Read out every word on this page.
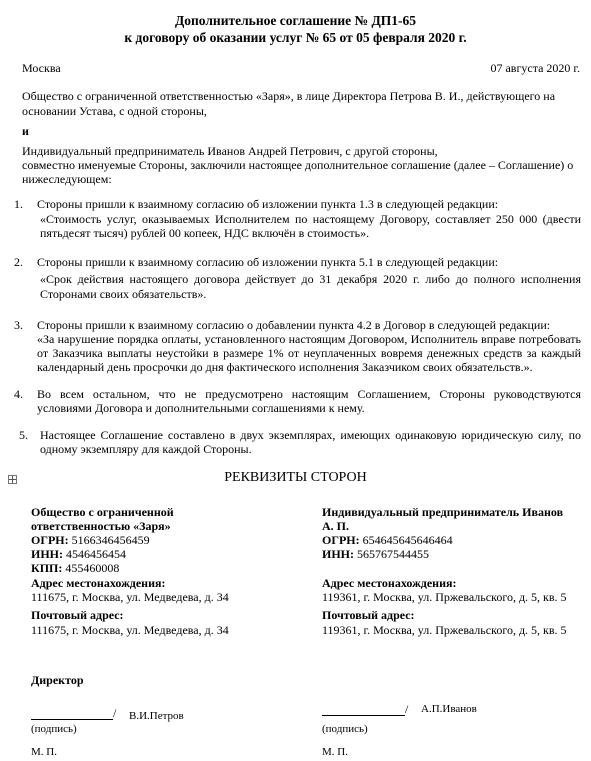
Дополнительное соглашение № ДП1-65
к договору об оказании услуг № 65 от 05 февраля 2020 г.
Москва	07 августа 2020 г.
Общество с ограниченной ответственностью «Заря», в лице Директора Петрова В. И., действующего на
основании Устава, с одной стороны,
и
Индивидуальный предприниматель Иванов Андрей Петрович, с другой стороны,
совместно именуемые Стороны, заключили настоящее дополнительное соглашение (далее – Соглашение) о
нижеследующем:
1.	Стороны пришли к взаимному согласию об изложении пункта 1.3 в следующей редакции:
«Стоимость услуг, оказываемых Исполнителем по настоящему Договору, составляет 250 000 (двести
пятьдесят тысяч) рублей 00 копеек, НДС включён в стоимость».
2.	Стороны пришли к взаимному согласию об изложении пункта 5.1 в следующей редакции:
«Срок действия настоящего договора действует до 31 декабря 2020 г. либо до полного исполнения
Сторонами своих обязательств».
3.	Стороны пришли к взаимному согласию о добавлении пункта 4.2 в Договор в следующей редакции:
«За нарушение порядка оплаты, установленного настоящим Договором, Исполнитель вправе потребовать
от Заказчика выплаты неустойки в размере 1% от неуплаченных вовремя денежных средств за каждый
календарный день просрочки до дня фактического исполнения Заказчиком своих обязательств.».
4.	Во всем остальном, что не предусмотрено настоящим Соглашением, Стороны руководствуются
условиями Договора и дополнительными соглашениями к нему.
5.	Настоящее Соглашение составлено в двух экземплярах, имеющих одинаковую юридическую силу, по
одному экземпляру для каждой Стороны.
РЕКВИЗИТЫ СТОРОН
Общество с ограниченной
ответственностью «Заря»
ОГРН: 5166346456459
ИНН: 4546456454
КПП: 455460008
Адрес местонахождения:
111675, г. Москва, ул. Медведева, д. 34
Почтовый адрес:
111675, г. Москва, ул. Медведева, д. 34
Индивидуальный предприниматель Иванов
А. П.
ОГРН: 654645645646464
ИНН: 565767544455
Адрес местонахождения:
119361, г. Москва, ул. Пржевальского, д. 5, кв. 5
Почтовый адрес:
119361, г. Москва, ул. Пржевальского, д. 5, кв. 5
Директор
/ В.И.Петров
(подпись)
М. П.
/ А.П.Иванов
(подпись)
М. П.
